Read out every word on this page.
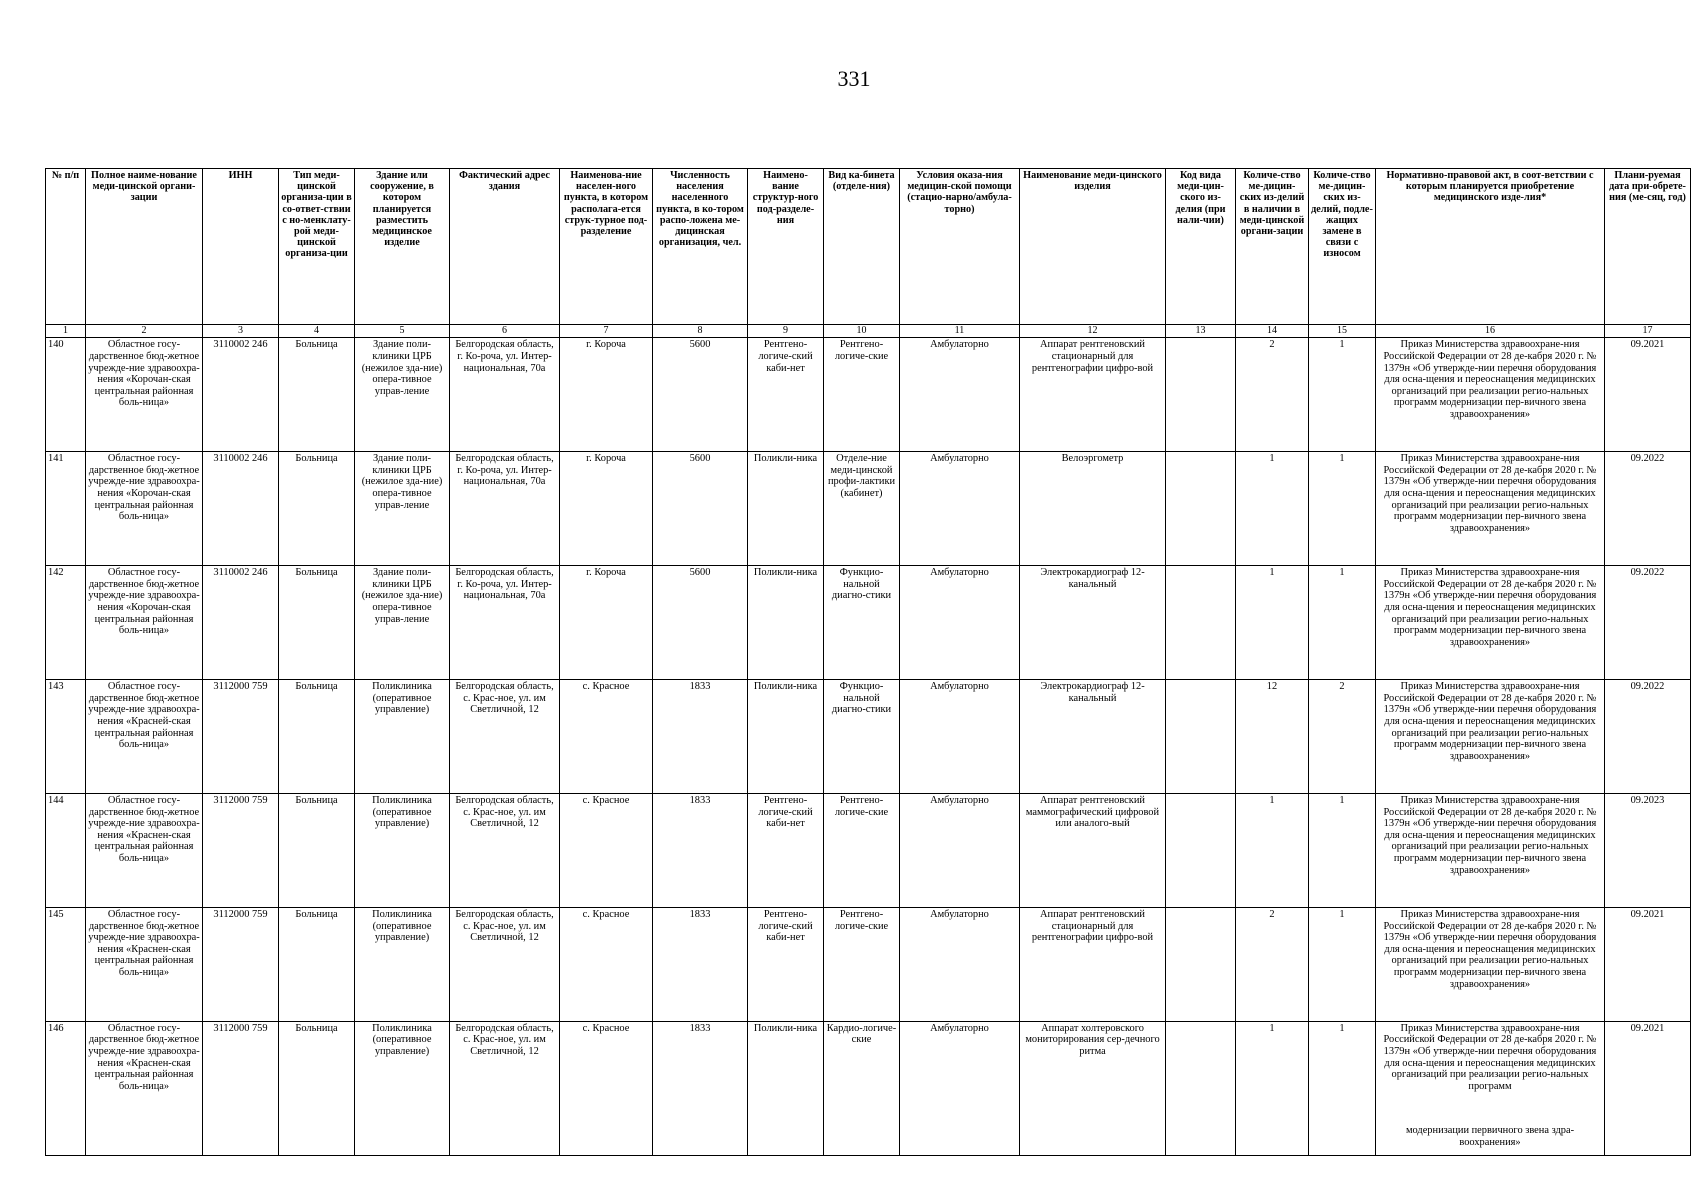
331
№ п/п	Полное наиме-нование меди-цинской органи-зации	ИНН	Тип меди-цинской организа-ции в со-ответ-ствии с но-менклату-рой меди-цинской организа-ции	Здание или сооружение, в котором планируется разместить медицинское изделие	Фактический адрес здания	Наименова-ние населен-ного пункта, в котором располага-ется струк-турное под-разделение	Численность населения населенного пункта, в ко-тором распо-ложена ме-дицинская организация, чел.	Наимено-вание структур-ного под-разделе-ния	Вид ка-бинета (отделе-ния)	Условия оказа-ния медицин-ской помощи (стацио-нарно/амбула-торно)	Наименование меди-цинского изделия	Код вида меди-цин-ского из-делия (при нали-чии)	Количе-ство ме-дицин-ских из-делий в наличии в меди-цинской органи-зации	Количе-ство ме-дицин-ских из-делий, подле-жащих замене в связи с износом	Нормативно-правовой акт, в соот-ветствии с которым планируется приобретение медицинского изде-лия*	Плани-руемая дата при-обрете-ния (ме-сяц, год)
1	2	3	4	5	6	7	8	9	10	11	12	13	14	15	16	17
140	Областное госу-дарственное бюд-жетное учрежде-ние здравоохра-нения «Корочан-ская центральная районная боль-ница»	3110002 246	Больница	Здание поли-клиники ЦРБ (нежилое зда-ние) опера-тивное управ-ление	Белгородская область, г. Ко-роча, ул. Интер-национальная, 70а	г. Короча	5600	Рентгено-логиче-ский каби-нет	Рентгено-логиче-ские	Амбулаторно	Аппарат рентгеновский стационарный для рентгенографии цифро-вой		2	1	Приказ Министерства здравоохране-ния Российской Федерации от 28 де-кабря 2020 г. № 1379н «Об утвержде-нии перечня оборудования для осна-щения и переоснащения медицинских организаций при реализации регио-нальных программ модернизации пер-вичного звена здравоохранения»	09.2021
141	Областное госу-дарственное бюд-жетное учрежде-ние здравоохра-нения «Корочан-ская центральная районная боль-ница»	3110002 246	Больница	Здание поли-клиники ЦРБ (нежилое зда-ние) опера-тивное управ-ление	Белгородская область, г. Ко-роча, ул. Интер-национальная, 70а	г. Короча	5600	Поликли-ника	Отделе-ние меди-цинской профи-лактики (кабинет)	Амбулаторно	Велоэргометр		1	1	Приказ Министерства здравоохране-ния Российской Федерации от 28 де-кабря 2020 г. № 1379н «Об утвержде-нии перечня оборудования для осна-щения и переоснащения медицинских организаций при реализации регио-нальных программ модернизации пер-вичного звена здравоохранения»	09.2022
142	Областное госу-дарственное бюд-жетное учрежде-ние здравоохра-нения «Корочан-ская центральная районная боль-ница»	3110002 246	Больница	Здание поли-клиники ЦРБ (нежилое зда-ние) опера-тивное управ-ление	Белгородская область, г. Ко-роча, ул. Интер-национальная, 70а	г. Короча	5600	Поликли-ника	Функцио-нальной диагно-стики	Амбулаторно	Электрокардиограф 12-канальный		1	1	Приказ Министерства здравоохране-ния Российской Федерации от 28 де-кабря 2020 г. № 1379н «Об утвержде-нии перечня оборудования для осна-щения и переоснащения медицинских организаций при реализации регио-нальных программ модернизации пер-вичного звена здравоохранения»	09.2022
143	Областное госу-дарственное бюд-жетное учрежде-ние здравоохра-нения «Красней-ская центральная районная боль-ница»	3112000 759	Больница	Поликлиника (оперативное управление)	Белгородская область, с. Крас-ное, ул. им Светличной, 12	с. Красное	1833	Поликли-ника	Функцио-нальной диагно-стики	Амбулаторно	Электрокардиограф 12-канальный		12	2	Приказ Министерства здравоохране-ния Российской Федерации от 28 де-кабря 2020 г. № 1379н «Об утвержде-нии перечня оборудования для осна-щения и переоснащения медицинских организаций при реализации регио-нальных программ модернизации пер-вичного звена здравоохранения»	09.2022
144	Областное госу-дарственное бюд-жетное учрежде-ние здравоохра-нения «Краснен-ская центральная районная боль-ница»	3112000 759	Больница	Поликлиника (оперативное управление)	Белгородская область, с. Крас-ное, ул. им Светличной, 12	с. Красное	1833	Рентгено-логиче-ский каби-нет	Рентгено-логиче-ские	Амбулаторно	Аппарат рентгеновский маммографический цифровой или аналого-вый		1	1	Приказ Министерства здравоохране-ния Российской Федерации от 28 де-кабря 2020 г. № 1379н «Об утвержде-нии перечня оборудования для осна-щения и переоснащения медицинских организаций при реализации регио-нальных программ модернизации пер-вичного звена здравоохранения»	09.2023
145	Областное госу-дарственное бюд-жетное учрежде-ние здравоохра-нения «Краснен-ская центральная районная боль-ница»	3112000 759	Больница	Поликлиника (оперативное управление)	Белгородская область, с. Крас-ное, ул. им Светличной, 12	с. Красное	1833	Рентгено-логиче-ский каби-нет	Рентгено-логиче-ские	Амбулаторно	Аппарат рентгеновский стационарный для рентгенографии цифро-вой		2	1	Приказ Министерства здравоохране-ния Российской Федерации от 28 де-кабря 2020 г. № 1379н «Об утвержде-нии перечня оборудования для осна-щения и переоснащения медицинских организаций при реализации регио-нальных программ модернизации пер-вичного звена здравоохранения»	09.2021
146	Областное госу-дарственное бюд-жетное учрежде-ние здравоохра-нения «Краснен-ская центральная районная боль-ница»	3112000 759	Больница	Поликлиника (оперативное управление)	Белгородская область, с. Крас-ное, ул. им Светличной, 12	с. Красное	1833	Поликли-ника	Кардио-логиче-ские	Амбулаторно	Аппарат холтеровского мониторирования сер-дечного ритма		1	1	Приказ Министерства здравоохране-ния Российской Федерации от 28 де-кабря 2020 г. № 1379н «Об утвержде-нии перечня оборудования для осна-щения и переоснащения медицинских организаций при реализации регио-нальных программ
модернизации первичного звена здра-воохранения»	09.2021
